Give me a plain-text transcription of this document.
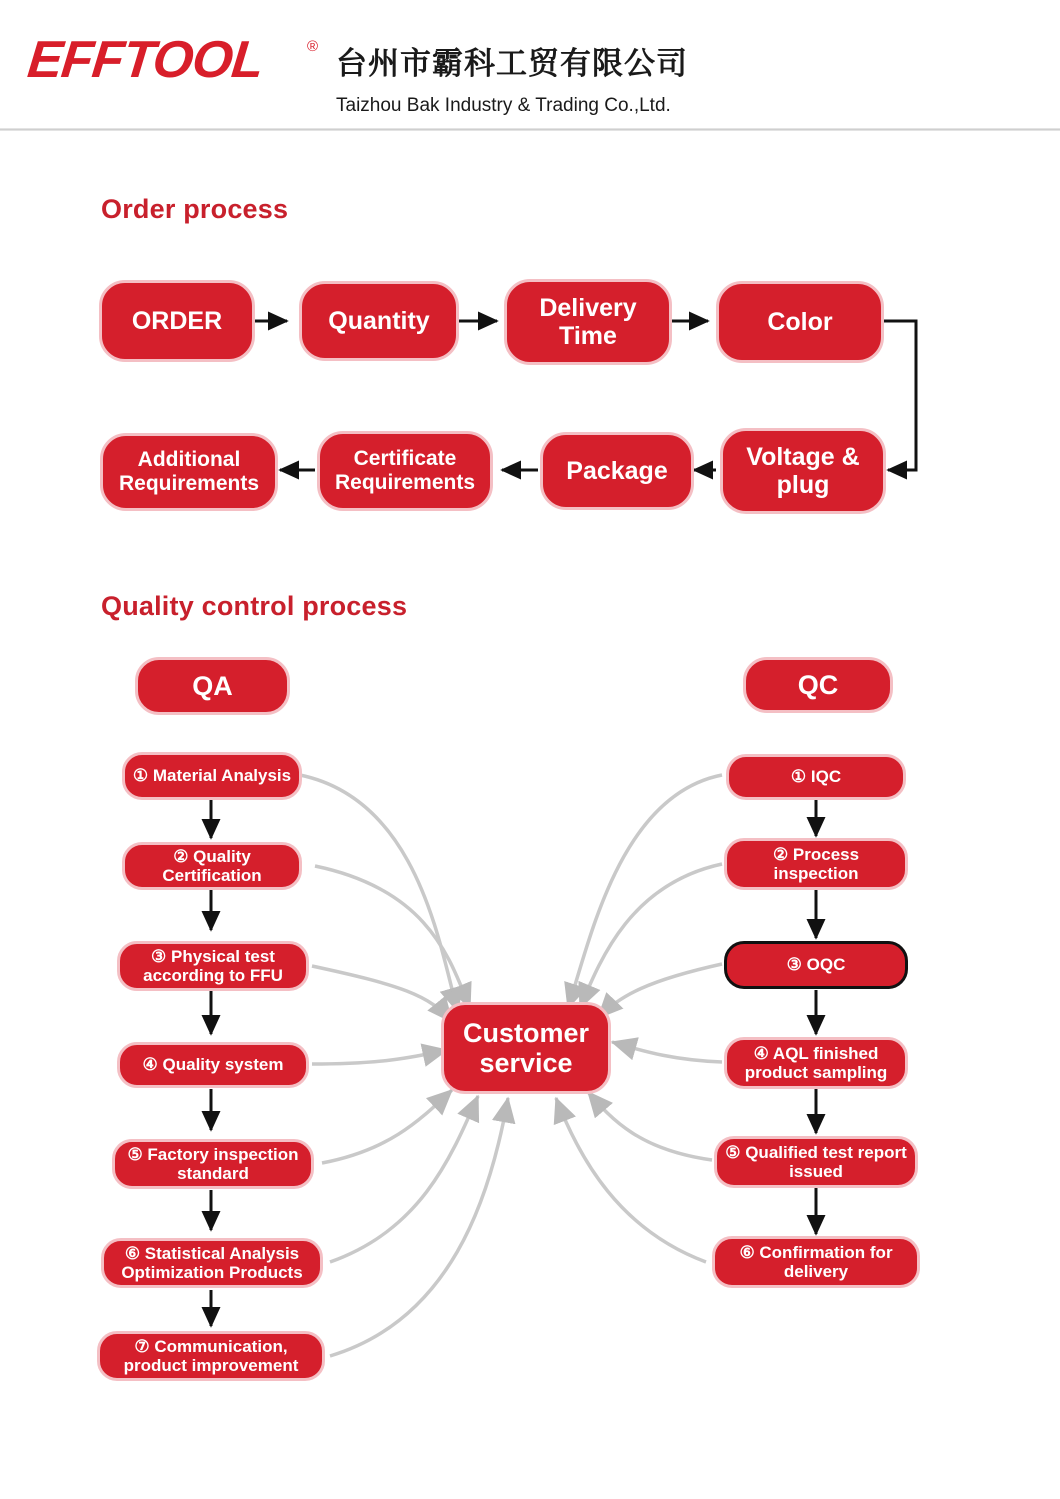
EFFTOOL	® 台州市霸科工贸有限公司
Taizhou Bak Industry & Trading Co.,Ltd.
Order process
ORDER	Quantity	Delivery Time	Color
Voltage & plug
Package
Certificate Requirements
Additional Requirements
Quality control process
QA
① Material Analysis
② Quality Certification
③ Physical test according to FFU
④ Quality system
⑤ Factory inspection standard
⑥ Statistical Analysis Optimization Products
⑦ Communication, product improvement
QC
① IQC
② Process inspection
③ OQC
④ AQL finished product sampling
⑤ Qualified test report issued
⑥ Confirmation for delivery
Customer service
